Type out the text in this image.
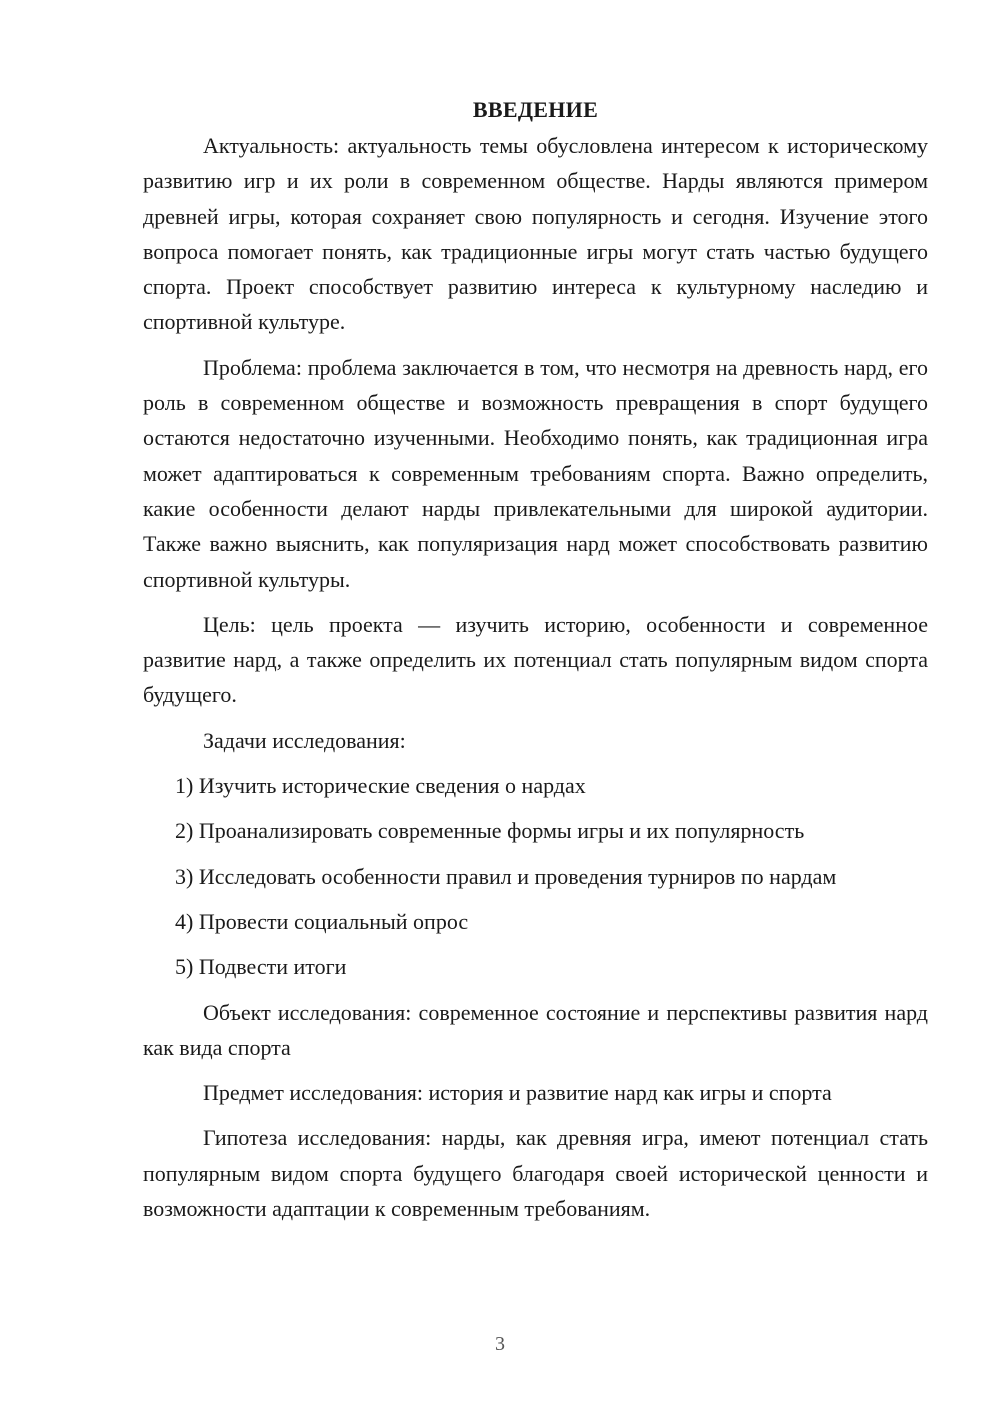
ВВЕДЕНИЕ

Актуальность: актуальность темы обусловлена интересом к историческому развитию игр и их роли в современном обществе. Нарды являются примером древней игры, которая сохраняет свою популярность и сегодня. Изучение этого вопроса помогает понять, как традиционные игры могут стать частью будущего спорта. Проект способствует развитию интереса к культурному наследию и спортивной культуре.

Проблема: проблема заключается в том, что несмотря на древность нард, его роль в современном обществе и возможность превращения в спорт будущего остаются недостаточно изученными. Необходимо понять, как традиционная игра может адаптироваться к современным требованиям спорта. Важно определить, какие особенности делают нарды привлекательными для широкой аудитории. Также важно выяснить, как популяризация нард может способствовать развитию спортивной культуры.

Цель: цель проекта — изучить историю, особенности и современное развитие нард, а также определить их потенциал стать популярным видом спорта будущего.

Задачи исследования:

1) Изучить исторические сведения о нардах
2) Проанализировать современные формы игры и их популярность
3) Исследовать особенности правил и проведения турниров по нардам
4) Провести социальный опрос
5) Подвести итоги

Объект исследования: современное состояние и перспективы развития нард как вида спорта

Предмет исследования: история и развитие нард как игры и спорта

Гипотеза исследования: нарды, как древняя игра, имеют потенциал стать популярным видом спорта будущего благодаря своей исторической ценности и возможности адаптации к современным требованиям.

3
